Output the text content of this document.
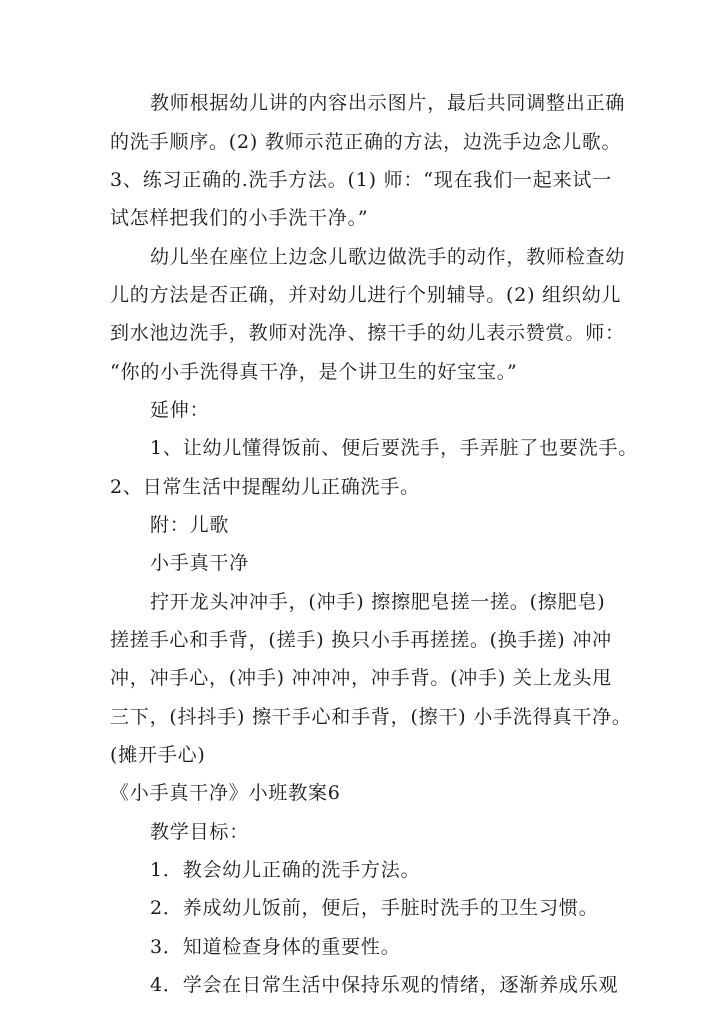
教师根据幼儿讲的内容出示图片，最后共同调整出正确
的洗手顺序。(2) 教师示范正确的方法，边洗手边念儿歌。
3、练习正确的.洗手方法。(1) 师：“现在我们一起来试一
试怎样把我们的小手洗干净。”
幼儿坐在座位上边念儿歌边做洗手的动作，教师检查幼
儿的方法是否正确，并对幼儿进行个别辅导。(2) 组织幼儿
到水池边洗手，教师对洗净、擦干手的幼儿表示赞赏。师：
“你的小手洗得真干净，是个讲卫生的好宝宝。”
延伸：
1、让幼儿懂得饭前、便后要洗手，手弄脏了也要洗手。
2、日常生活中提醒幼儿正确洗手。
附：儿歌
小手真干净
拧开龙头冲冲手，(冲手) 擦擦肥皂搓一搓。(擦肥皂)
搓搓手心和手背，(搓手) 换只小手再搓搓。(换手搓) 冲冲
冲，冲手心，(冲手) 冲冲冲，冲手背。(冲手) 关上龙头甩
三下，(抖抖手) 擦干手心和手背，(擦干) 小手洗得真干净。
(摊开手心)
《小手真干净》小班教案6
教学目标：
1．教会幼儿正确的洗手方法。
2．养成幼儿饭前，便后，手脏时洗手的卫生习惯。
3．知道检查身体的重要性。
4．学会在日常生活中保持乐观的情绪，逐渐养成乐观
